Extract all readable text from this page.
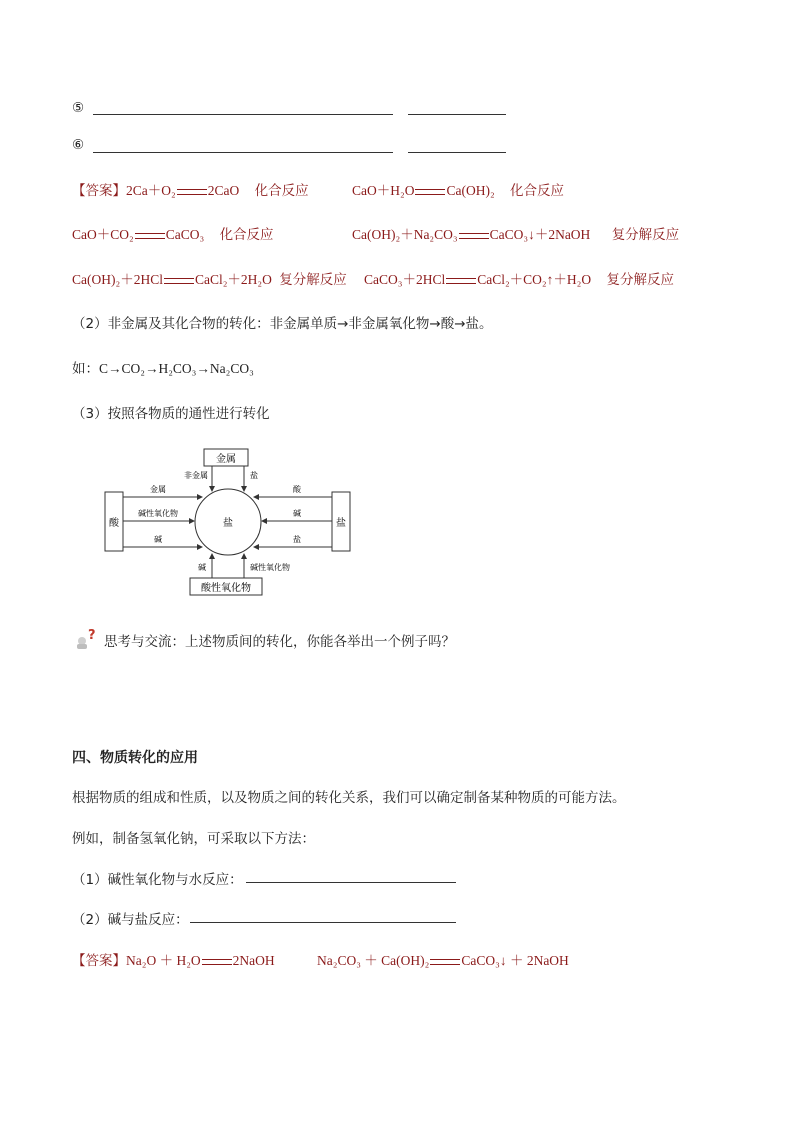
⑤
⑥
【答案】2Ca＋O₂ 2CaO 化合反应	CaO＋H₂O Ca(OH)₂ 化合反应
CaO＋CO₂ CaCO₃ 化合反应	Ca(OH)₂＋Na₂CO₃ CaCO₃↓＋2NaOH 复分解反应
Ca(OH)₂＋2HCl CaCl₂＋2H₂O 复分解反应 CaCO₃＋2HCl CaCl₂＋CO₂↑＋H₂O 复分解反应
（2）非金属及其化合物的转化：非金属单质→非金属氧化物→酸→盐。
如：C→CO₂→H₂CO₃→Na₂CO₃
（3）按照各物质的通性进行转化
金属
酸	盐
酸性氧化物
盐
非金属	盐
金属
碱性氧化物
碱
酸
碱
盐
碱	碱性氧化物
? 思考与交流：上述物质间的转化，你能各举出一个例子吗？
四、物质转化的应用
根据物质的组成和性质，以及物质之间的转化关系，我们可以确定制备某种物质的可能方法。
例如，制备氢氧化钠，可采取以下方法：
（1）碱性氧化物与水反应：
（2）碱与盐反应：
【答案】Na₂O ＋ H₂O 2NaOH	Na₂CO₃ ＋ Ca(OH)₂ CaCO₃↓ ＋ 2NaOH
